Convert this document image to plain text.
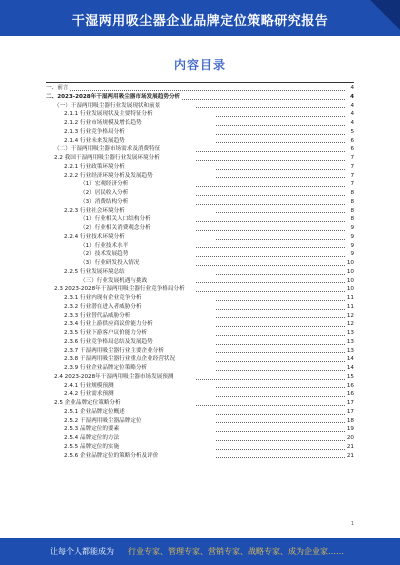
干湿两用吸尘器企业品牌定位策略研究报告
内容目录
一、前言	4
二、2023-2028年干湿两用吸尘器市场发展趋势分析	4
（一）干湿两用吸尘器行业发展现状和前景	4
2.1.1 行业发展现状及主要特征分析	4
2.1.2 行业市场规模及增长趋势	4
2.1.3 行业竞争格局分析	5
2.1.4 行业未来发展趋势	6
（二）干湿两用吸尘器市场需求及消费特征	6
2.2 我国干湿两用吸尘器行业发展环境分析	7
2.2.1 行业政策环境分析	7
2.2.2 行业经济环境分析及发展趋势	7
（1）宏观经济分析	7
（2）居民收入分析	8
（3）消费结构分析	8
2.2.3 行业社会环境分析	8
（1）行业相关人口结构分析	8
（2）行业相关消费观念分析	9
2.2.4 行业技术环境分析	9
（1）行业技术水平	9
（2）技术发展趋势	9
（3）行业研发投入情况	10
2.2.5 行业发展环境总结	10
（三）行业发展机遇与挑战	10
2.3 2023-2028年干湿两用吸尘器行业竞争格局分析	10
2.3.1 行业内现有企业竞争分析	11
2.3.2 行业潜在进入者威胁分析	11
2.3.3 行业替代品威胁分析	12
2.3.4 行业上游供应商议价能力分析	12
2.3.5 行业下游客户议价能力分析	13
2.3.6 行业竞争格局总结及发展趋势	13
2.3.7 干湿两用吸尘器行业主要企业分析	13
2.3.8 干湿两用吸尘器行业重点企业经营状况	14
2.3.9 行业企业品牌定位策略分析	14
2.4 2023-2028年干湿两用吸尘器市场发展预测	15
2.4.1 行业规模预测	16
2.4.2 行业需求预测	16
2.5 企业品牌定位策略分析	17
2.5.1 企业品牌定位概述	17
2.5.2 干湿两用吸尘器品牌定位	18
2.5.3 品牌定位的要素	19
2.5.4 品牌定位的方法	20
2.5.5 品牌定位的实施	21
2.5.6 企业品牌定位的策略分析及评价	21
1
让每个人都能成为 行业专家、管理专家、营销专家、战略专家、成为企业家……
